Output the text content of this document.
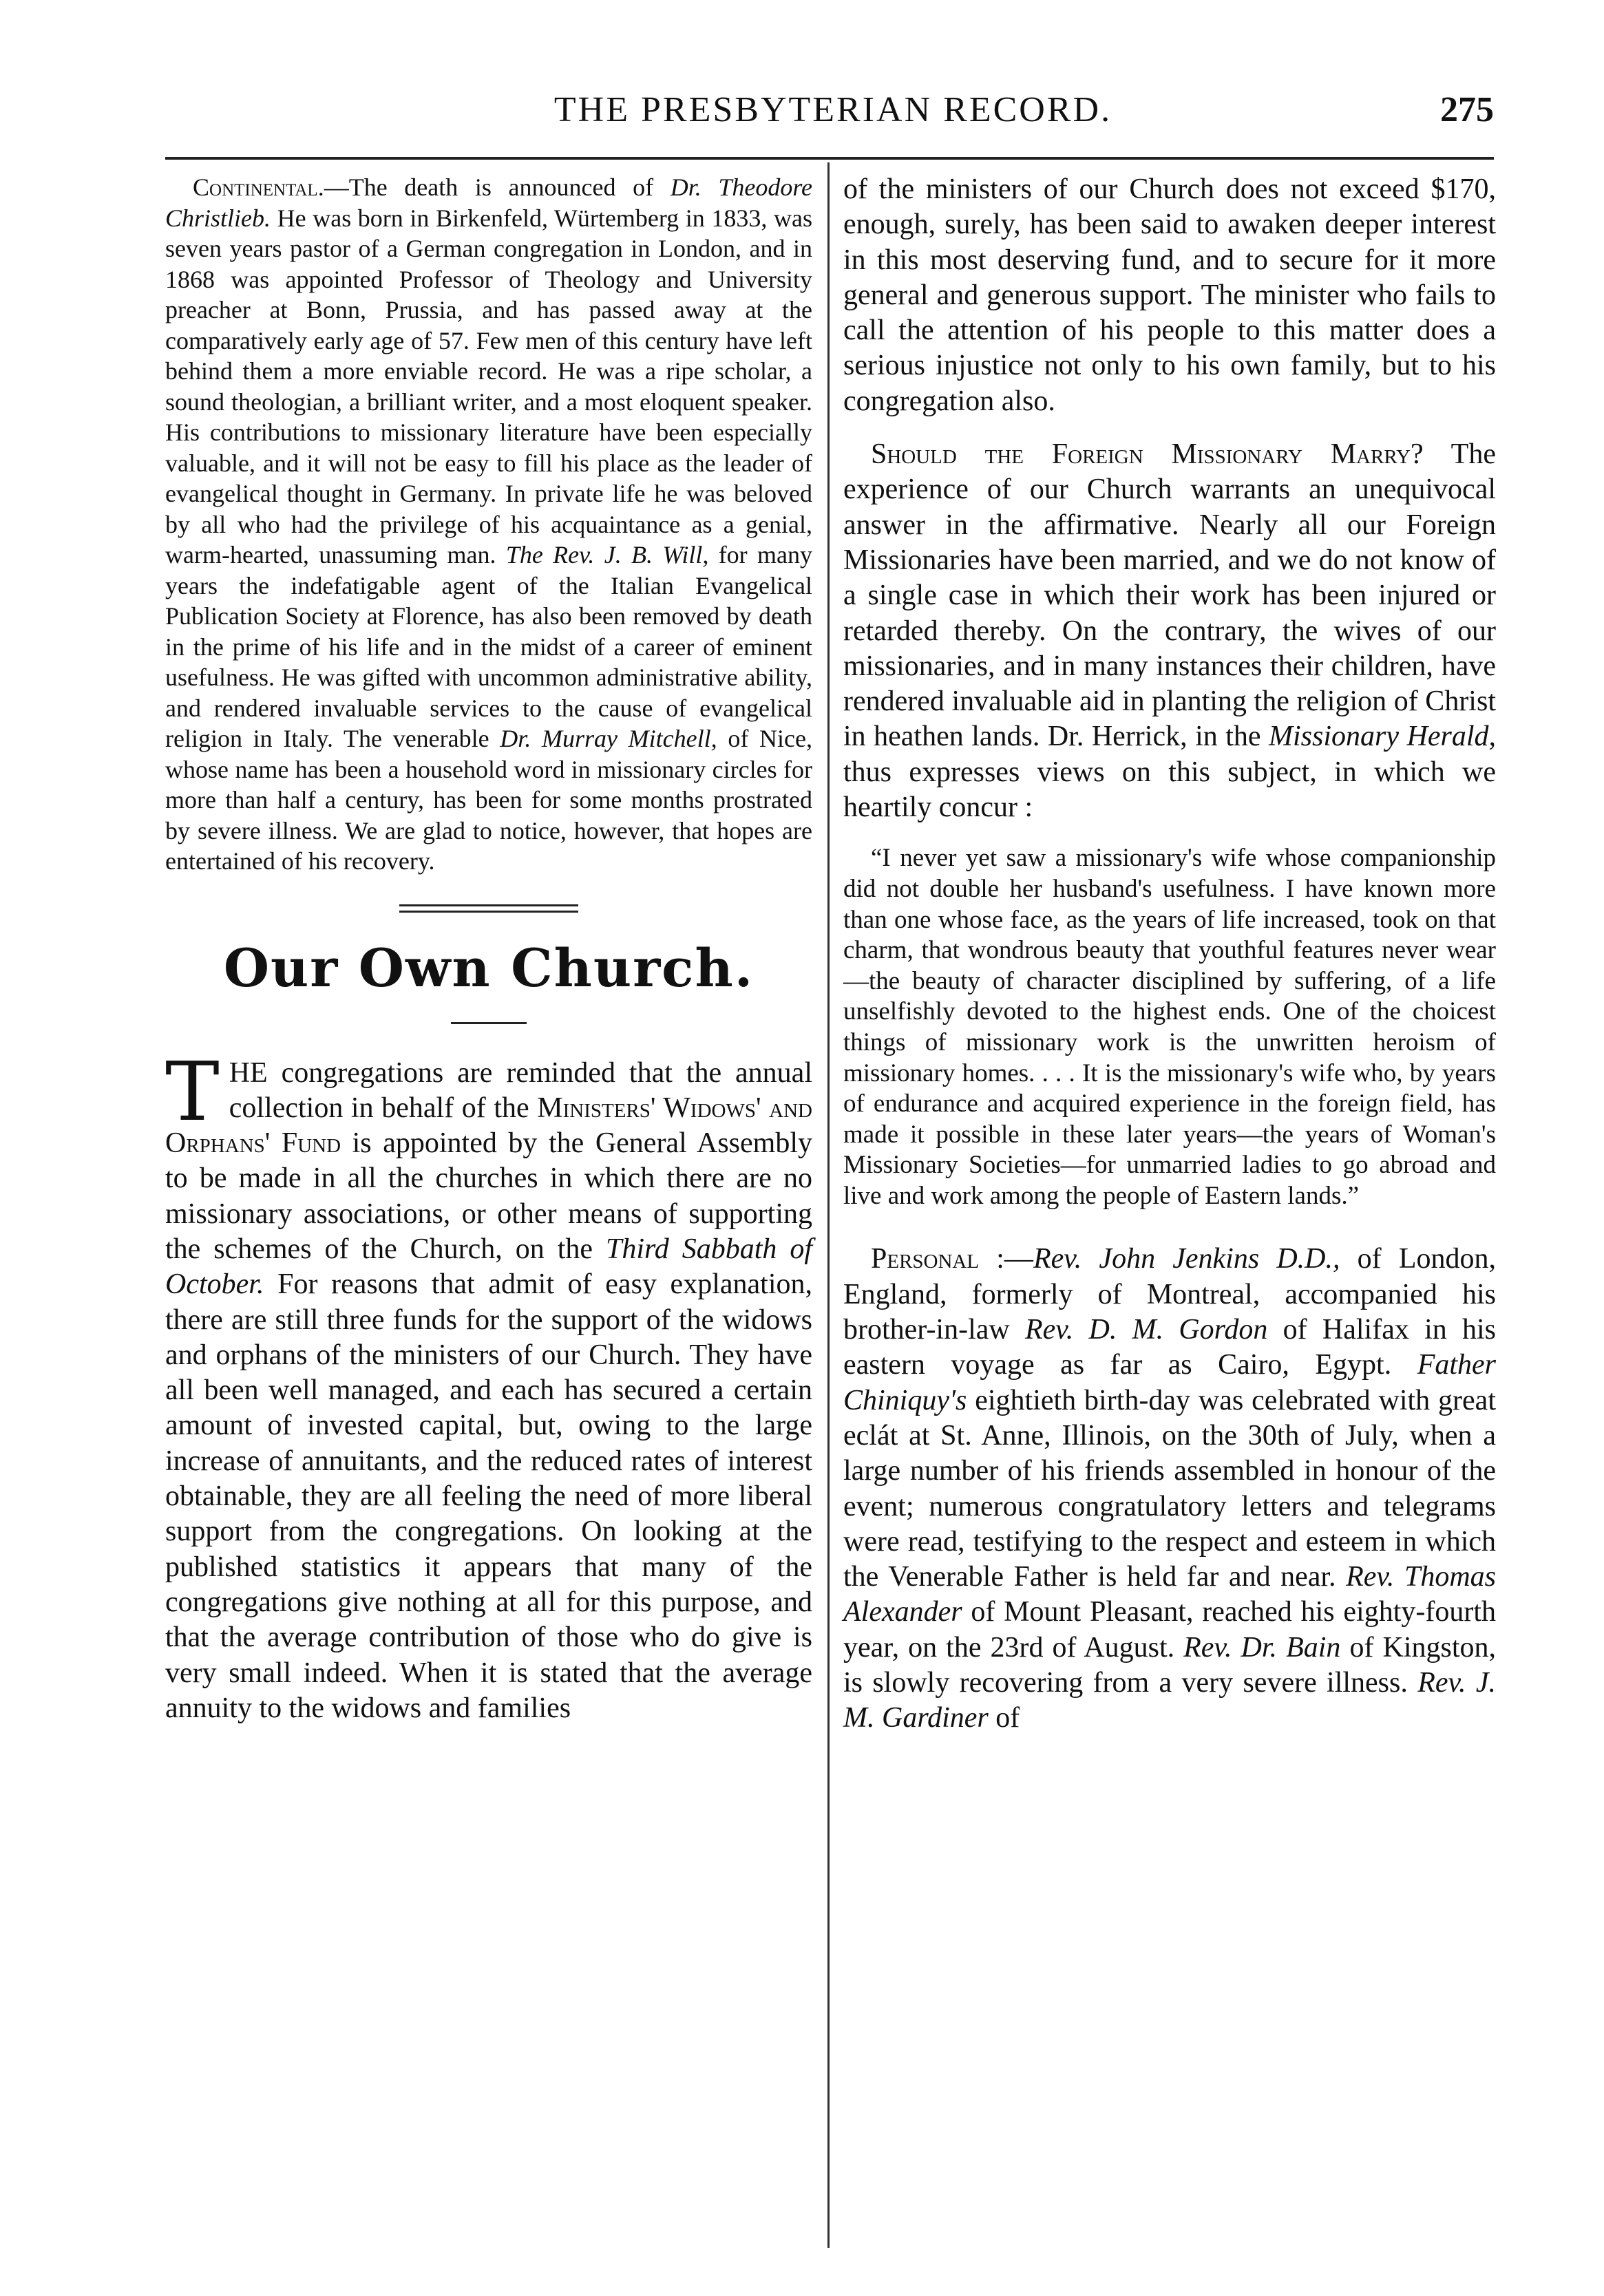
THE PRESBYTERIAN RECORD.	275

Continental.—The death is announced of Dr. Theodore Christlieb. He was born in Birkenfeld, Würtemberg in 1833, was seven years pastor of a German congregation in London, and in 1868 was appointed Professor of Theology and University preacher at Bonn, Prussia, and has passed away at the comparatively early age of 57. Few men of this century have left behind them a more enviable record. He was a ripe scholar, a sound theologian, a brilliant writer, and a most eloquent speaker. His contributions to missionary literature have been especially valuable, and it will not be easy to fill his place as the leader of evangelical thought in Germany. In private life he was beloved by all who had the privilege of his acquaintance as a genial, warm-hearted, unassuming man. The Rev. J. B. Will, for many years the indefatigable agent of the Italian Evangelical Publication Society at Florence, has also been removed by death in the prime of his life and in the midst of a career of eminent usefulness. He was gifted with uncommon administrative ability, and rendered invaluable services to the cause of evangelical religion in Italy. The venerable Dr. Murray Mitchell, of Nice, whose name has been a household word in missionary circles for more than half a century, has been for some months prostrated by severe illness. We are glad to notice, however, that hopes are entertained of his recovery.

Our Own Church.

THE congregations are reminded that the annual collection in behalf of the Ministers' Widows' and Orphans' Fund is appointed by the General Assembly to be made in all the churches in which there are no missionary associations, or other means of supporting the schemes of the Church, on the Third Sabbath of October. For reasons that admit of easy explanation, there are still three funds for the support of the widows and orphans of the ministers of our Church. They have all been well managed, and each has secured a certain amount of invested capital, but, owing to the large increase of annuitants, and the reduced rates of interest obtainable, they are all feeling the need of more liberal support from the congregations. On looking at the published statistics it appears that many of the congregations give nothing at all for this purpose, and that the average contribution of those who do give is very small indeed. When it is stated that the average annuity to the widows and families

of the ministers of our Church does not exceed $170, enough, surely, has been said to awaken deeper interest in this most deserving fund, and to secure for it more general and generous support. The minister who fails to call the attention of his people to this matter does a serious injustice not only to his own family, but to his congregation also.

Should the Foreign Missionary Marry? The experience of our Church warrants an unequivocal answer in the affirmative. Nearly all our Foreign Missionaries have been married, and we do not know of a single case in which their work has been injured or retarded thereby. On the contrary, the wives of our missionaries, and in many instances their children, have rendered invaluable aid in planting the religion of Christ in heathen lands. Dr. Herrick, in the Missionary Herald, thus expresses views on this subject, in which we heartily concur :

“I never yet saw a missionary's wife whose companionship did not double her husband's usefulness. I have known more than one whose face, as the years of life increased, took on that charm, that wondrous beauty that youthful features never wear—the beauty of character disciplined by suffering, of a life unselfishly devoted to the highest ends. One of the choicest things of missionary work is the unwritten heroism of missionary homes. . . . It is the missionary's wife who, by years of endurance and acquired experience in the foreign field, has made it possible in these later years—the years of Woman's Missionary Societies—for unmarried ladies to go abroad and live and work among the people of Eastern lands.”

Personal :—Rev. John Jenkins D.D., of London, England, formerly of Montreal, accompanied his brother-in-law Rev. D. M. Gordon of Halifax in his eastern voyage as far as Cairo, Egypt. Father Chiniquy's eightieth birth-day was celebrated with great eclát at St. Anne, Illinois, on the 30th of July, when a large number of his friends assembled in honour of the event; numerous congratulatory letters and telegrams were read, testifying to the respect and esteem in which the Venerable Father is held far and near. Rev. Thomas Alexander of Mount Pleasant, reached his eighty-fourth year, on the 23rd of August. Rev. Dr. Bain of Kingston, is slowly recovering from a very severe illness. Rev. J. M. Gardiner of
